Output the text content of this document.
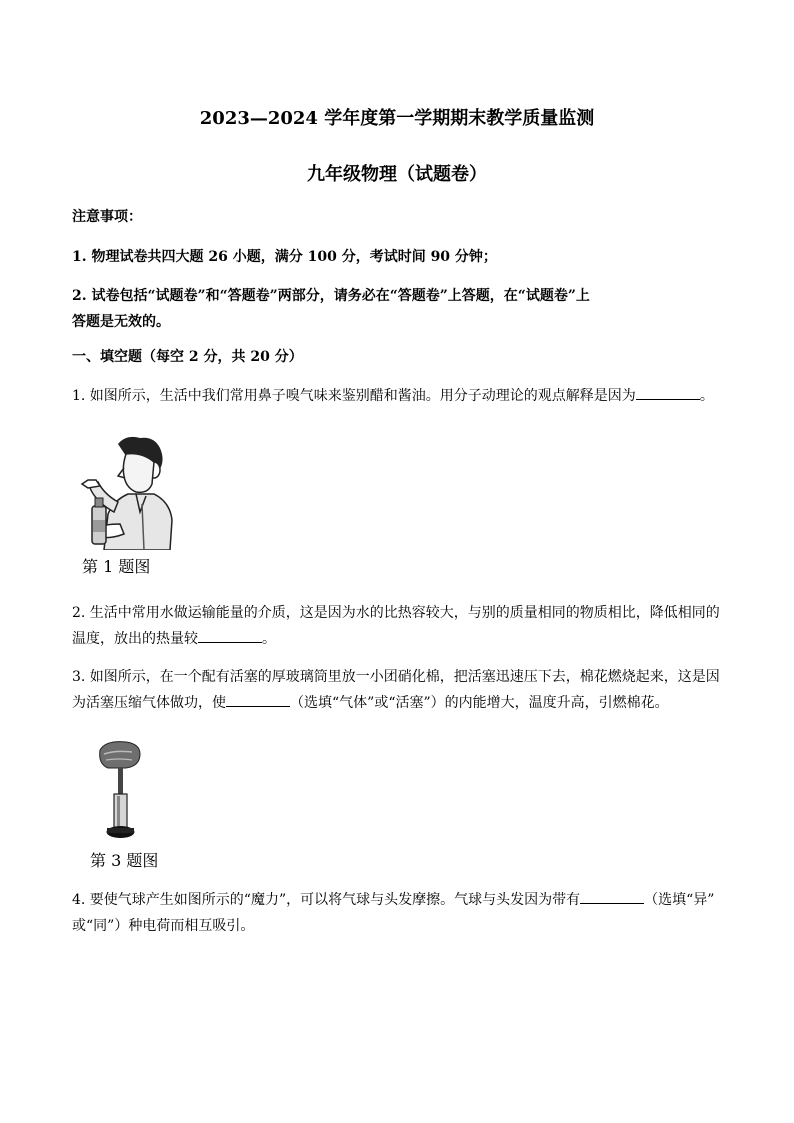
2023—2024 学年度第一学期期末教学质量监测
九年级物理（试题卷）
注意事项：
1. 物理试卷共四大题 26 小题，满分 100 分，考试时间 90 分钟；
2. 试卷包括“试题卷”和“答题卷”两部分，请务必在“答题卷”上答题，在“试题卷”上
答题是无效的。
一、填空题（每空 2 分，共 20 分）
1. 如图所示，生活中我们常用鼻子嗅气味来鉴别醋和酱油。用分子动理论的观点解释是因为	。
第 1 题图
2. 生活中常用水做运输能量的介质，这是因为水的比热容较大，与别的质量相同的物质相比，降低相同的
温度，放出的热量较	。
3. 如图所示，在一个配有活塞的厚玻璃筒里放一小团硝化棉，把活塞迅速压下去，棉花燃烧起来，这是因
为活塞压缩气体做功，使	（选填“气体”或“活塞”）的内能增大，温度升高，引燃棉花。
第 3 题图
4. 要使气球产生如图所示的“魔力”，可以将气球与头发摩擦。气球与头发因为带有	（选填“异”
或“同”）种电荷而相互吸引。
